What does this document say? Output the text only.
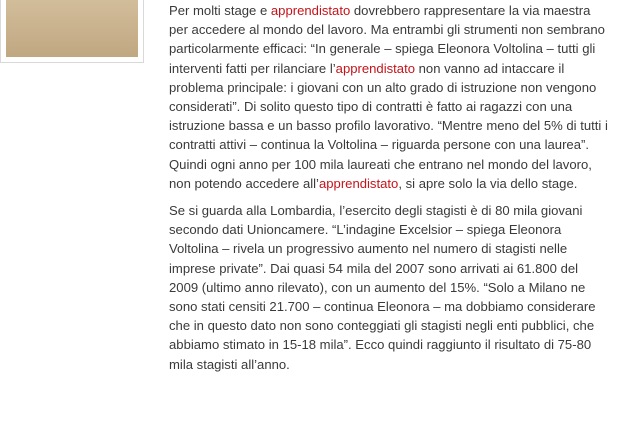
Per molti stage e apprendistato dovrebbero rappresentare la via maestra per accedere al mondo del lavoro. Ma entrambi gli strumenti non sembrano particolarmente efficaci: “In generale – spiega Eleonora Voltolina – tutti gli interventi fatti per rilanciare l’apprendistato non vanno ad intaccare il problema principale: i giovani con un alto grado di istruzione non vengono considerati”. Di solito questo tipo di contratti è fatto ai ragazzi con una istruzione bassa e un basso profilo lavorativo. “Mentre meno del 5% di tutti i contratti attivi – continua la Voltolina – riguarda persone con una laurea”. Quindi ogni anno per 100 mila laureati che entrano nel mondo del lavoro, non potendo accedere all’apprendistato, si apre solo la via dello stage.

Se si guarda alla Lombardia, l’esercito degli stagisti è di 80 mila giovani secondo dati Unioncamere. “L’indagine Excelsior – spiega Eleonora Voltolina – rivela un progressivo aumento nel numero di stagisti nelle imprese private”. Dai quasi 54 mila del 2007 sono arrivati ai 61.800 del 2009 (ultimo anno rilevato), con un aumento del 15%. “Solo a Milano ne sono stati censiti 21.700 – continua Eleonora – ma dobbiamo considerare che in questo dato non sono conteggiati gli stagisti negli enti pubblici, che abbiamo stimato in 15-18 mila”. Ecco quindi raggiunto il risultato di 75-80 mila stagisti all’anno.
